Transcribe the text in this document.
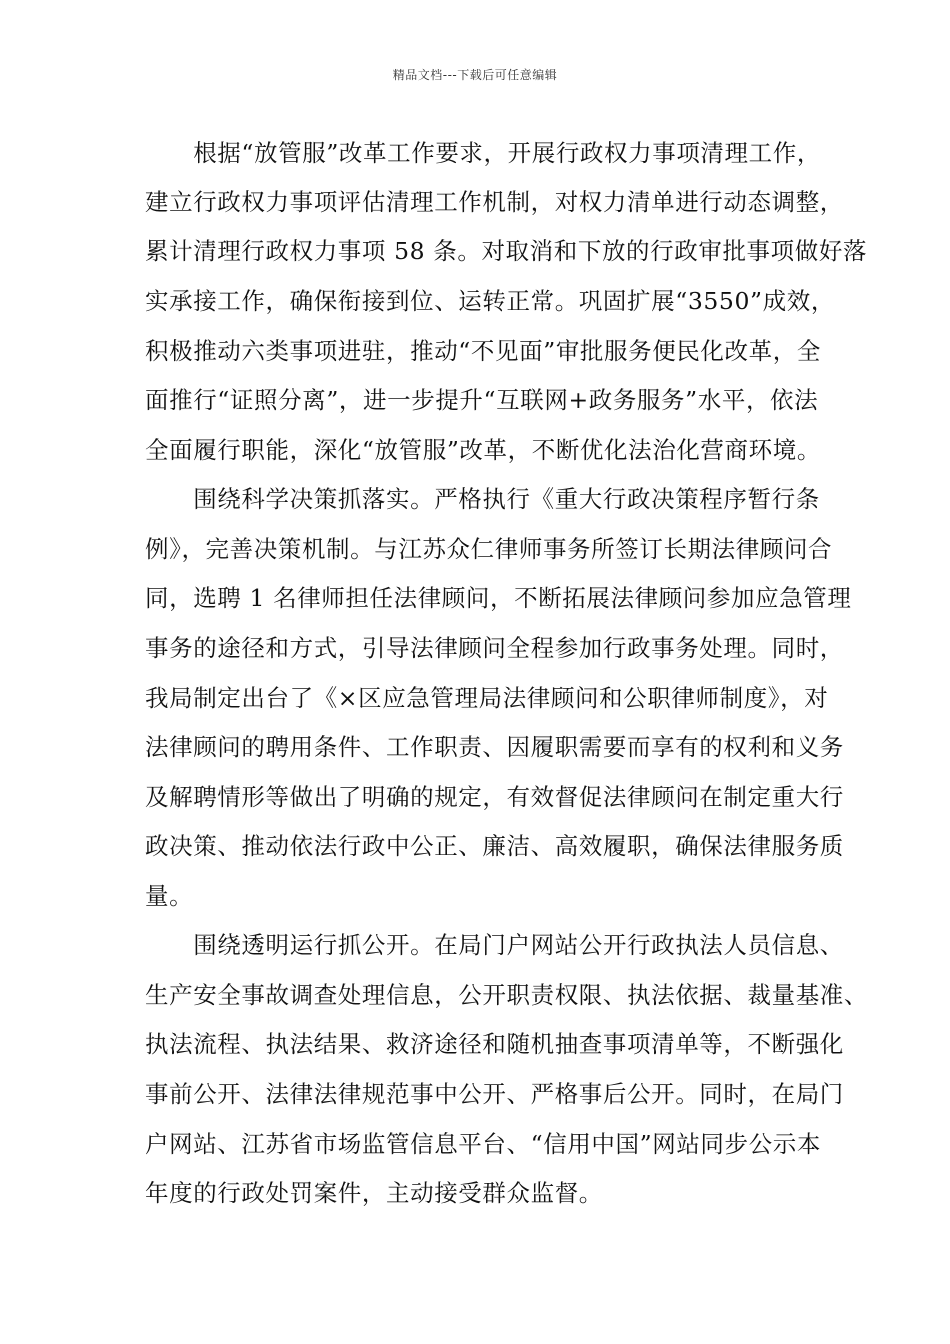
精品文档---下载后可任意编辑
　　根据“放管服”改革工作要求，开展行政权力事项清理工作，
建立行政权力事项评估清理工作机制，对权力清单进行动态调整，
累计清理行政权力事项 58 条。对取消和下放的行政审批事项做好落
实承接工作，确保衔接到位、运转正常。巩固扩展“3550”成效，
积极推动六类事项进驻，推动“不见面”审批服务便民化改革，全
面推行“证照分离”，进一步提升“互联网+政务服务”水平，依法
全面履行职能，深化“放管服”改革，不断优化法治化营商环境。
　　围绕科学决策抓落实。严格执行《重大行政决策程序暂行条
例》，完善决策机制。与江苏众仁律师事务所签订长期法律顾问合
同，选聘 1 名律师担任法律顾问，不断拓展法律顾问参加应急管理
事务的途径和方式，引导法律顾问全程参加行政事务处理。同时，
我局制定出台了《×区应急管理局法律顾问和公职律师制度》，对
法律顾问的聘用条件、工作职责、因履职需要而享有的权利和义务
及解聘情形等做出了明确的规定，有效督促法律顾问在制定重大行
政决策、推动依法行政中公正、廉洁、高效履职，确保法律服务质
量。
　　围绕透明运行抓公开。在局门户网站公开行政执法人员信息、
生产安全事故调查处理信息，公开职责权限、执法依据、裁量基准、
执法流程、执法结果、救济途径和随机抽查事项清单等，不断强化
事前公开、法律法律规范事中公开、严格事后公开。同时，在局门
户网站、江苏省市场监管信息平台、“信用中国”网站同步公示本
年度的行政处罚案件，主动接受群众监督。
